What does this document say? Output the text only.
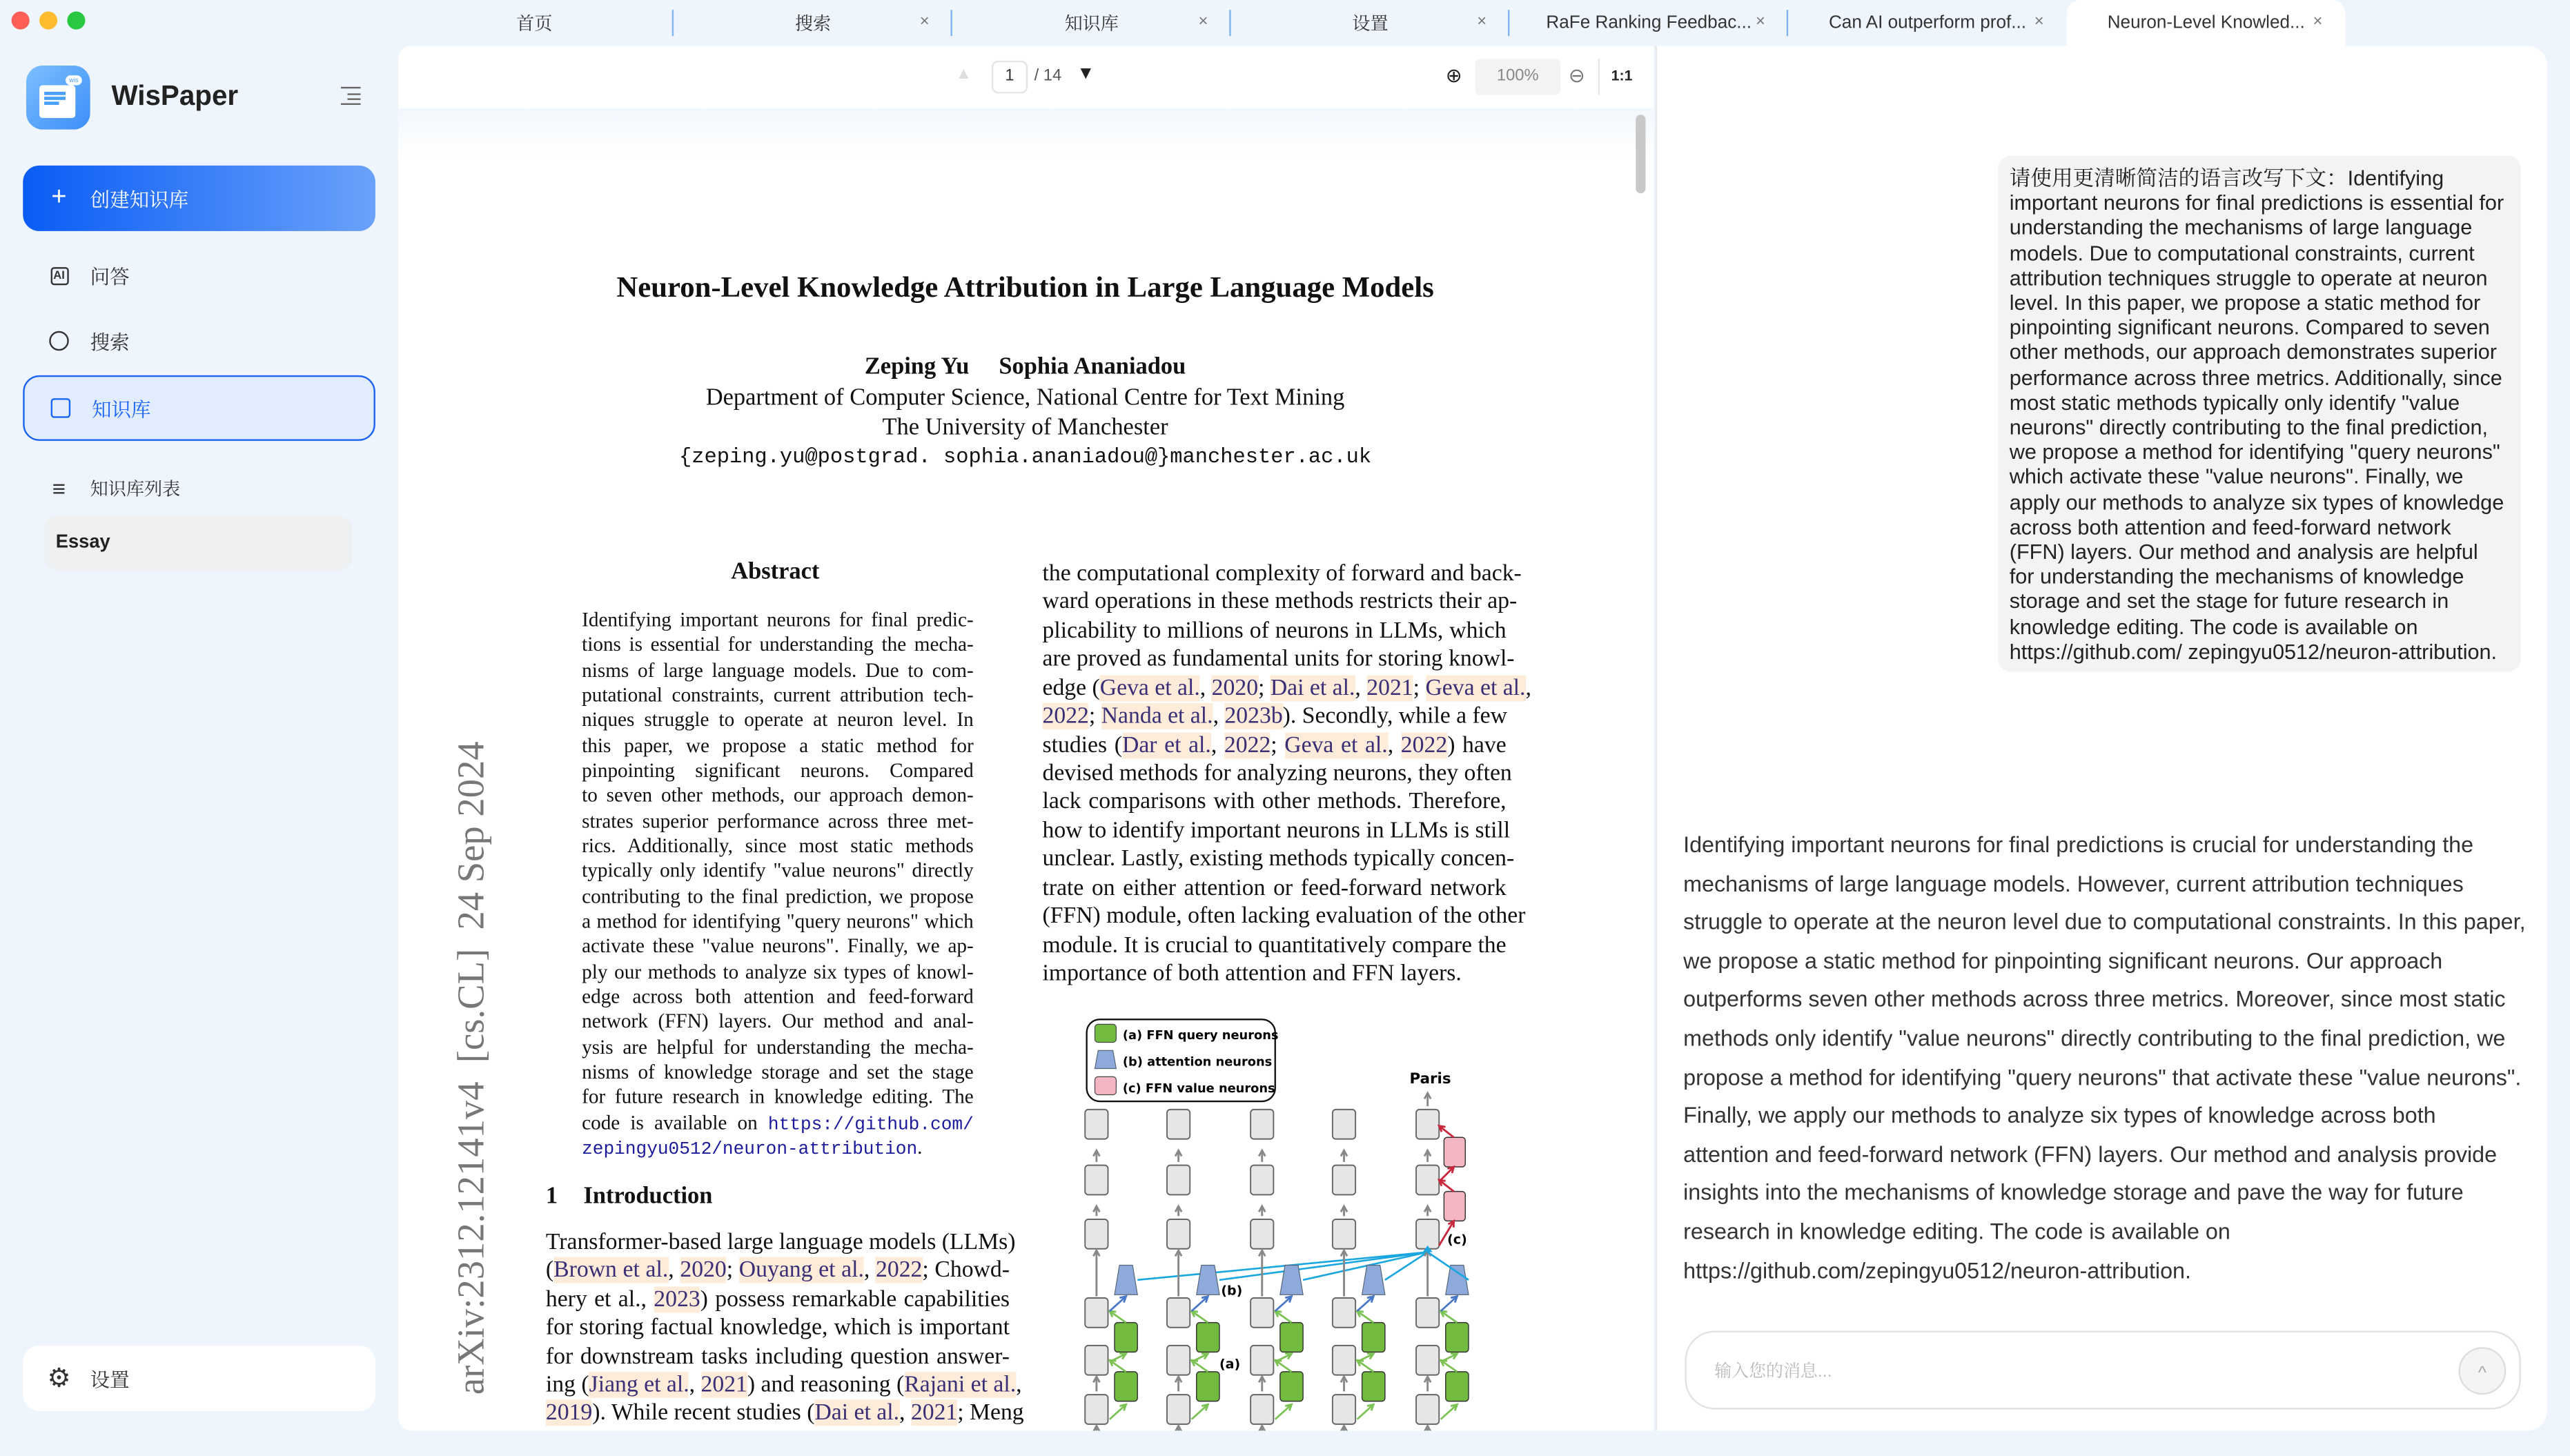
首页	搜索	×	知识库	×	设置	×	RaFe Ranking Feedbac... ×	Can AI outperform prof... ×	Neuron-Level Knowled... ×
wis
WisPaper
+	创建知识库
AI	问答
搜索
知识库
≡	知识库列表
Essay
⚙ 设置
▲	1	/ 14 ▼	⊕	100%	⊖	1:1
Neuron-Level Knowledge Attribution in Large Language Models
Zeping Yu     Sophia Ananiadou
Department of Computer Science, National Centre for Text Mining
The University of Manchester
{zeping.yu@postgrad. sophia.ananiadou@}manchester.ac.uk
arXiv:2312.12141v4  [cs.CL]  24 Sep 2024
Abstract
Identifying important neurons for final predic-
tions is essential for understanding the mecha-
nisms of large language models. Due to com-
putational constraints, current attribution tech-
niques struggle to operate at neuron level. In
this paper, we propose a static method for
pinpointing significant neurons. Compared
to seven other methods, our approach demon-
strates superior performance across three met-
rics. Additionally, since most static methods
typically only identify "value neurons" directly
contributing to the final prediction, we propose
a method for identifying "query neurons" which
activate these "value neurons". Finally, we ap-
ply our methods to analyze six types of knowl-
edge across both attention and feed-forward
network (FFN) layers. Our method and anal-
ysis are helpful for understanding the mecha-
nisms of knowledge storage and set the stage
for future research in knowledge editing. The
code is available on https://github.com/
zepingyu0512/neuron-attribution.
1	Introduction
Transformer-based large language models (LLMs)
(Brown et al., 2020; Ouyang et al., 2022; Chowd-
hery et al., 2023) possess remarkable capabilities
for storing factual knowledge, which is important
for downstream tasks including question answer-
ing (Jiang et al., 2021) and reasoning (Rajani et al.,
2019). While recent studies (Dai et al., 2021; Meng
the computational complexity of forward and back-
ward operations in these methods restricts their ap-
plicability to millions of neurons in LLMs, which
are proved as fundamental units for storing knowl-
edge (Geva et al., 2020; Dai et al., 2021; Geva et al.,
2022; Nanda et al., 2023b). Secondly, while a few
studies (Dar et al., 2022; Geva et al., 2022) have
devised methods for analyzing neurons, they often
lack comparisons with other methods. Therefore,
how to identify important neurons in LLMs is still
unclear. Lastly, existing methods typically concen-
trate on either attention or feed-forward network
(FFN) module, often lacking evaluation of the other
module. It is crucial to quantitatively compare the
importance of both attention and FFN layers.
(a) FFN query neurons
(b) attention neurons
(c) FFN value neurons
Paris
(b)
(a)
(c)
请使用更清晰简洁的语言改写下文：Identifying important neurons for final predictions is essential for understanding the mechanisms of large language models. Due to computational constraints, current attribution techniques struggle to operate at neuron level. In this paper, we propose a static method for pinpointing significant neurons. Compared to seven other methods, our approach demonstrates superior performance across three metrics. Additionally, since most static methods typically only identify "value neurons" directly contributing to the final prediction, we propose a method for identifying "query neurons" which activate these "value neurons". Finally, we apply our methods to analyze six types of knowledge across both attention and feed-forward network (FFN) layers. Our method and analysis are helpful for understanding the mechanisms of knowledge storage and set the stage for future research in knowledge editing. The code is available on https://github.com/ zepingyu0512/neuron-attribution.
Identifying important neurons for final predictions is crucial for understanding the mechanisms of large language models. However, current attribution techniques struggle to operate at the neuron level due to computational constraints. In this paper, we propose a static method for pinpointing significant neurons. Our approach outperforms seven other methods across three metrics. Moreover, since most static methods only identify "value neurons" directly contributing to the final prediction, we propose a method for identifying "query neurons" that activate these "value neurons". Finally, we apply our methods to analyze six types of knowledge across both attention and feed-forward network (FFN) layers. Our method and analysis provide insights into the mechanisms of knowledge storage and pave the way for future research in knowledge editing. The code is available on https://github.com/zepingyu0512/neuron-attribution.
输入您的消息...	^
